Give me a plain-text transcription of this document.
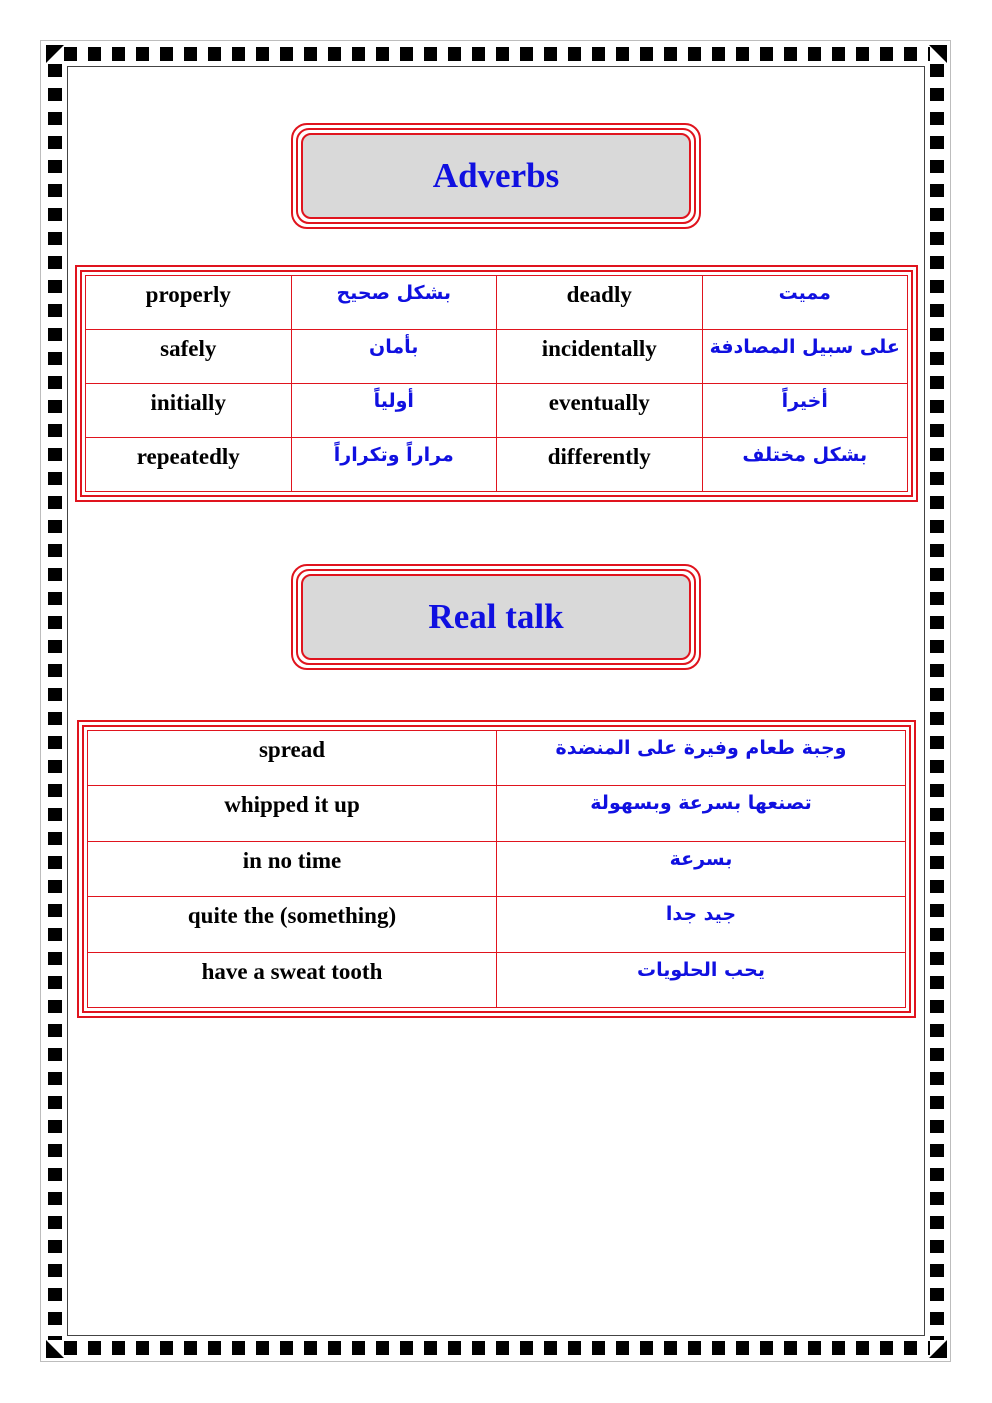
Adverbs
properly	بشكل صحيح	deadly	مميت
safely	بأمان	incidentally	على سبيل المصادفة
initially	أولياً	eventually	أخيراً
repeatedly	مراراً وتكراراً	differently	بشكل مختلف
Real talk
spread	وجبة طعام وفيرة على المنضدة
whipped it up	تصنعها بسرعة وبسهولة
in no time	بسرعة
quite the (something)	جيد جدا
have a sweat tooth	يحب الحلويات
